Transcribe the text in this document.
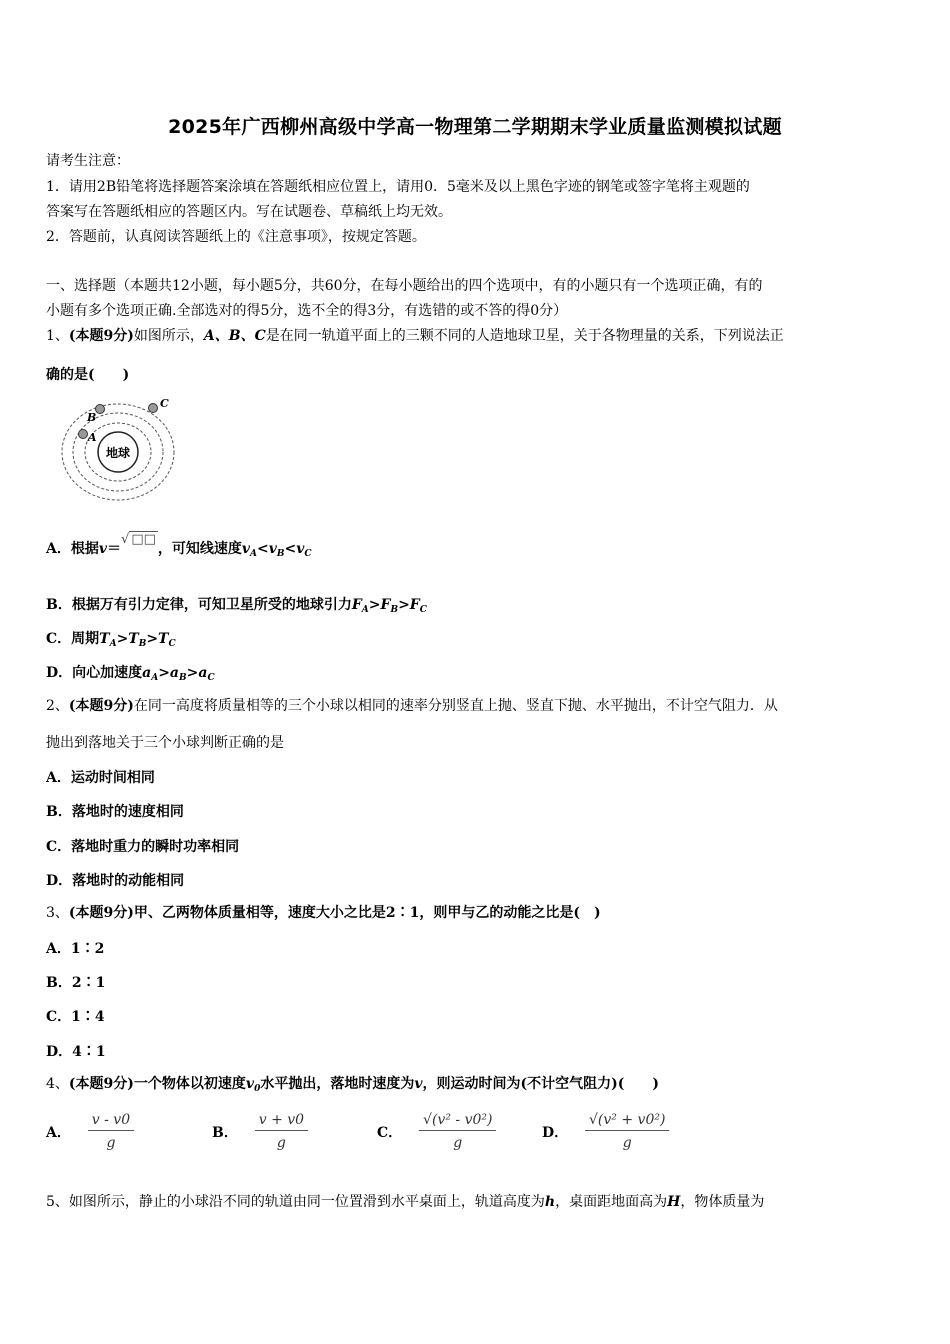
2025年广西柳州高级中学高一物理第二学期期末学业质量监测模拟试题
请考生注意：
1．请用2B铅笔将选择题答案涂填在答题纸相应位置上，请用0．5毫米及以上黑色字迹的钢笔或签字笔将主观题的
答案写在答题纸相应的答题区内。写在试题卷、草稿纸上均无效。
2．答题前，认真阅读答题纸上的《注意事项》，按规定答题。
一、选择题（本题共12小题，每小题5分，共60分，在每小题给出的四个选项中，有的小题只有一个选项正确，有的
小题有多个选项正确.全部选对的得5分，选不全的得3分，有选错的或不答的得0分）
1、(本题9分)如图所示，A、B、C是在同一轨道平面上的三颗不同的人造地球卫星，关于各物理量的关系，下列说法正
确的是(　　)
地球
A
B
C
A．根据v＝√ □□，可知线速度$v_A<v_B<v_C$
B．根据万有引力定律，可知卫星所受的地球引力$F_A>F_B>F_C$
C．周期$T_A>T_B>T_C$
D．向心加速度$a_A>a_B>a_C$
2、(本题9分)在同一高度将质量相等的三个小球以相同的速率分别竖直上抛、竖直下抛、水平抛出，不计空气阻力．从
抛出到落地关于三个小球判断正确的是
A．运动时间相同
B．落地时的速度相同
C．落地时重力的瞬时功率相同
D．落地时的动能相同
3、(本题9分)甲、乙两物体质量相等，速度大小之比是2∶1，则甲与乙的动能之比是(　)
A．1∶2
B．2∶1
C．1∶4
D．4∶1
4、(本题9分)一个物体以初速度$v_0$水平抛出，落地时速度为v，则运动时间为(不计空气阻力)(　　)
A． $\frac{v - v0}{g}$	B． $\frac{v + v0}{g}$	C． $\frac{\text{√(v² - v0²)}}{g}$	D． $\frac{\text{√(v² + v0²)}}{g}$
5、如图所示，静止的小球沿不同的轨道由同一位置滑到水平桌面上，轨道高度为h，桌面距地面高为H，物体质量为
